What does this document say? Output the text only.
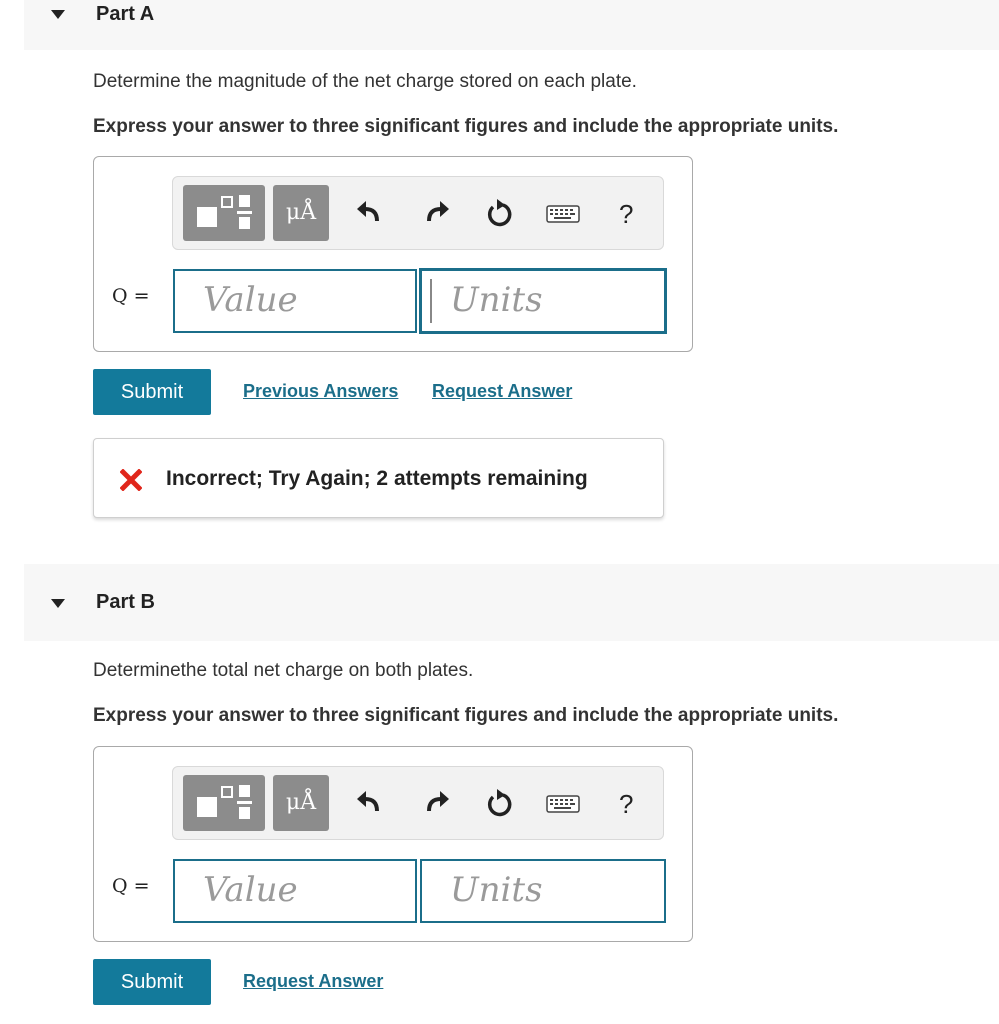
Part A
Determine the magnitude of the net charge stored on each plate.
Express your answer to three significant figures and include the appropriate units.
μÅ	?
Q =	Value	Units
Submit	Previous Answers Request Answer
Incorrect; Try Again; 2 attempts remaining
Part B
Determinethe total net charge on both plates.
Express your answer to three significant figures and include the appropriate units.
μÅ	?
Q =	Value	Units
Submit	Request Answer
